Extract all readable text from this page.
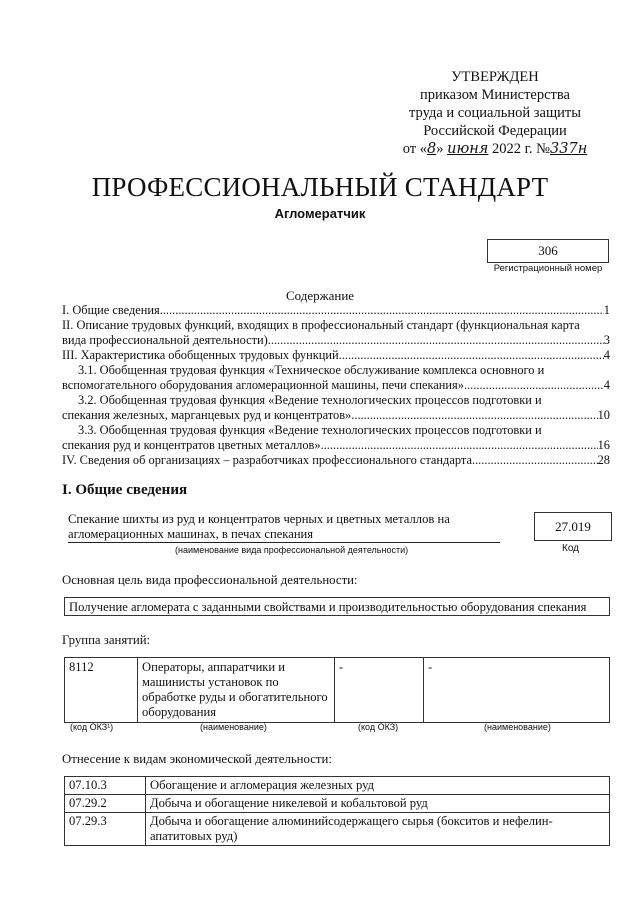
УТВЕРЖДЕН
приказом Министерства
труда и социальной защиты
Российской Федерации
от «8» июня 2022 г. №337н
ПРОФЕССИОНАЛЬНЫЙ СТАНДАРТ
Агломератчик
306
Регистрационный номер
Содержание
I. Общие сведения .....	1
II. Описание трудовых функций, входящих в профессиональный стандарт (функциональная карта
вида профессиональной деятельности) .....	3
III. Характеристика обобщенных трудовых функций .....	4
3.1. Обобщенная трудовая функция «Техническое обслуживание комплекса основного и
вспомогательного оборудования агломерационной машины, печи спекания» .....	4
3.2. Обобщенная трудовая функция «Ведение технологических процессов подготовки и
спекания железных, марганцевых руд и концентратов» .....	10
3.3. Обобщенная трудовая функция «Ведение технологических процессов подготовки и
спекания руд и концентратов цветных металлов» .....	16
IV. Сведения об организациях – разработчиках профессионального стандарта .....	28
I. Общие сведения
Спекание шихты из руд и концентратов черных и цветных металлов на
агломерационных машинах, в печах спекания
(наименование вида профессиональной деятельности)
27.019
Код
Основная цель вида профессиональной деятельности:
Получение агломерата с заданными свойствами и производительностью оборудования спекания
Группа занятий:
8112	Операторы, аппаратчики и машинисты установок по обработке руды и обогатительного оборудования	-	-
(код ОКЗ¹)	(наименование)	(код ОКЗ)	(наименование)
Отнесение к видам экономической деятельности:
07.10.3	Обогащение и агломерация железных руд
07.29.2	Добыча и обогащение никелевой и кобальтовой руд
07.29.3	Добыча и обогащение алюминийсодержащего сырья (бокситов и нефелин-апатитовых руд)
